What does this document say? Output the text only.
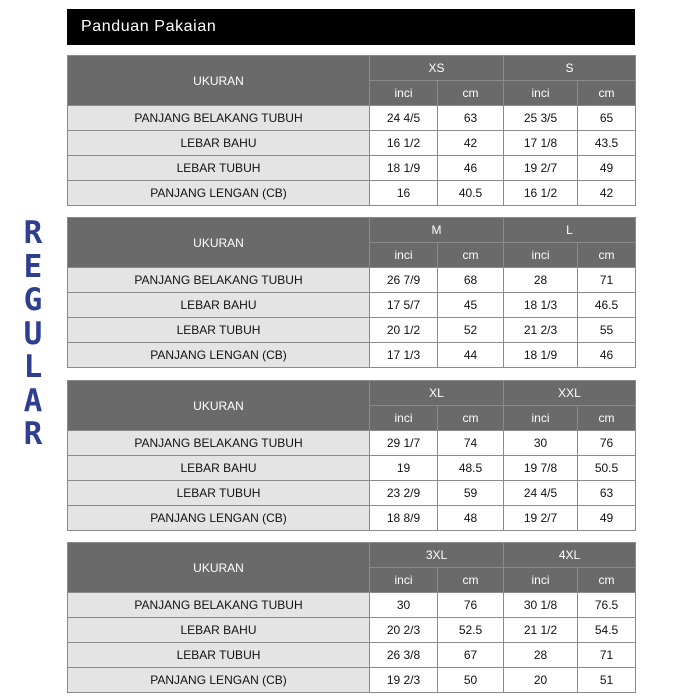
Panduan Pakaian
R
E
G
U
L
A
R
UKURAN	XS		S	
	inci	cm	inci	cm
PANJANG BELAKANG TUBUH	24 4/5	63	25 3/5	65
LEBAR BAHU	16 1/2	42	17 1/8	43.5
LEBAR TUBUH	18 1/9	46	19 2/7	49
PANJANG LENGAN (CB)	16	40.5	16 1/2	42
UKURAN	M		L	
	inci	cm	inci	cm
PANJANG BELAKANG TUBUH	26 7/9	68	28	71
LEBAR BAHU	17 5/7	45	18 1/3	46.5
LEBAR TUBUH	20 1/2	52	21 2/3	55
PANJANG LENGAN (CB)	17 1/3	44	18 1/9	46
UKURAN	XL		XXL	
	inci	cm	inci	cm
PANJANG BELAKANG TUBUH	29 1/7	74	30	76
LEBAR BAHU	19	48.5	19 7/8	50.5
LEBAR TUBUH	23 2/9	59	24 4/5	63
PANJANG LENGAN (CB)	18 8/9	48	19 2/7	49
UKURAN	3XL		4XL	
	inci	cm	inci	cm
PANJANG BELAKANG TUBUH	30	76	30 1/8	76.5
LEBAR BAHU	20 2/3	52.5	21 1/2	54.5
LEBAR TUBUH	26 3/8	67	28	71
PANJANG LENGAN (CB)	19 2/3	50	20	51
